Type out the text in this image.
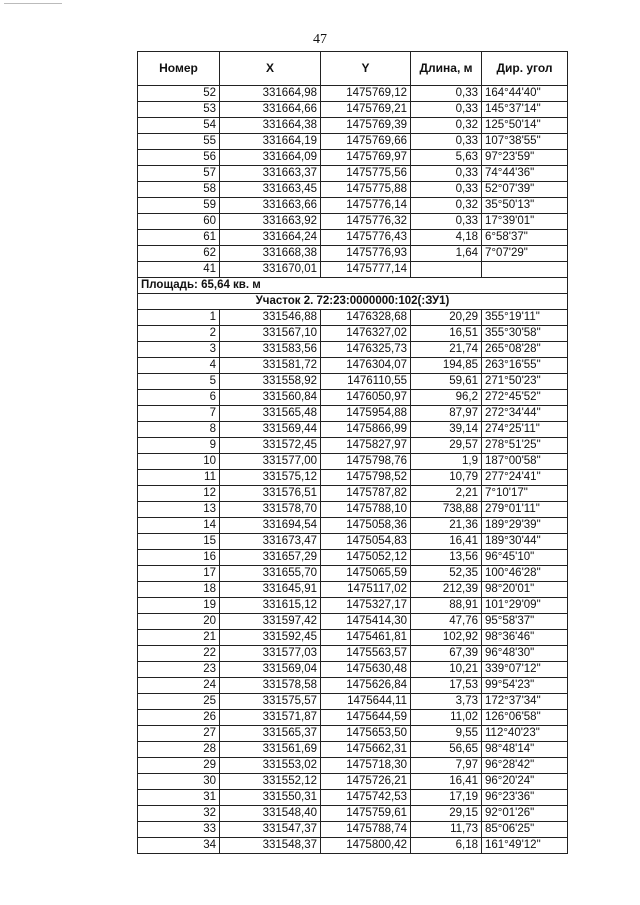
47
Номер	X	Y	Длина, м	Дир. угол
52	331664,98	1475769,12	0,33	164°44'40"
53	331664,66	1475769,21	0,33	145°37'14"
54	331664,38	1475769,39	0,32	125°50'14"
55	331664,19	1475769,66	0,33	107°38'55"
56	331664,09	1475769,97	5,63	97°23'59"
57	331663,37	1475775,56	0,33	74°44'36"
58	331663,45	1475775,88	0,33	52°07'39"
59	331663,66	1475776,14	0,32	35°50'13"
60	331663,92	1475776,32	0,33	17°39'01"
61	331664,24	1475776,43	4,18	6°58'37"
62	331668,38	1475776,93	1,64	7°07'29"
41	331670,01	1475777,14		
Площадь: 65,64 кв. м				
Участок 2. 72:23:0000000:102(:ЗУ1)				
1	331546,88	1476328,68	20,29	355°19'11"
2	331567,10	1476327,02	16,51	355°30'58"
3	331583,56	1476325,73	21,74	265°08'28"
4	331581,72	1476304,07	194,85	263°16'55"
5	331558,92	1476110,55	59,61	271°50'23"
6	331560,84	1476050,97	96,2	272°45'52"
7	331565,48	1475954,88	87,97	272°34'44"
8	331569,44	1475866,99	39,14	274°25'11"
9	331572,45	1475827,97	29,57	278°51'25"
10	331577,00	1475798,76	1,9	187°00'58"
11	331575,12	1475798,52	10,79	277°24'41"
12	331576,51	1475787,82	2,21	7°10'17"
13	331578,70	1475788,10	738,88	279°01'11"
14	331694,54	1475058,36	21,36	189°29'39"
15	331673,47	1475054,83	16,41	189°30'44"
16	331657,29	1475052,12	13,56	96°45'10"
17	331655,70	1475065,59	52,35	100°46'28"
18	331645,91	1475117,02	212,39	98°20'01"
19	331615,12	1475327,17	88,91	101°29'09"
20	331597,42	1475414,30	47,76	95°58'37"
21	331592,45	1475461,81	102,92	98°36'46"
22	331577,03	1475563,57	67,39	96°48'30"
23	331569,04	1475630,48	10,21	339°07'12"
24	331578,58	1475626,84	17,53	99°54'23"
25	331575,57	1475644,11	3,73	172°37'34"
26	331571,87	1475644,59	11,02	126°06'58"
27	331565,37	1475653,50	9,55	112°40'23"
28	331561,69	1475662,31	56,65	98°48'14"
29	331553,02	1475718,30	7,97	96°28'42"
30	331552,12	1475726,21	16,41	96°20'24"
31	331550,31	1475742,53	17,19	96°23'36"
32	331548,40	1475759,61	29,15	92°01'26"
33	331547,37	1475788,74	11,73	85°06'25"
34	331548,37	1475800,42	6,18	161°49'12"
